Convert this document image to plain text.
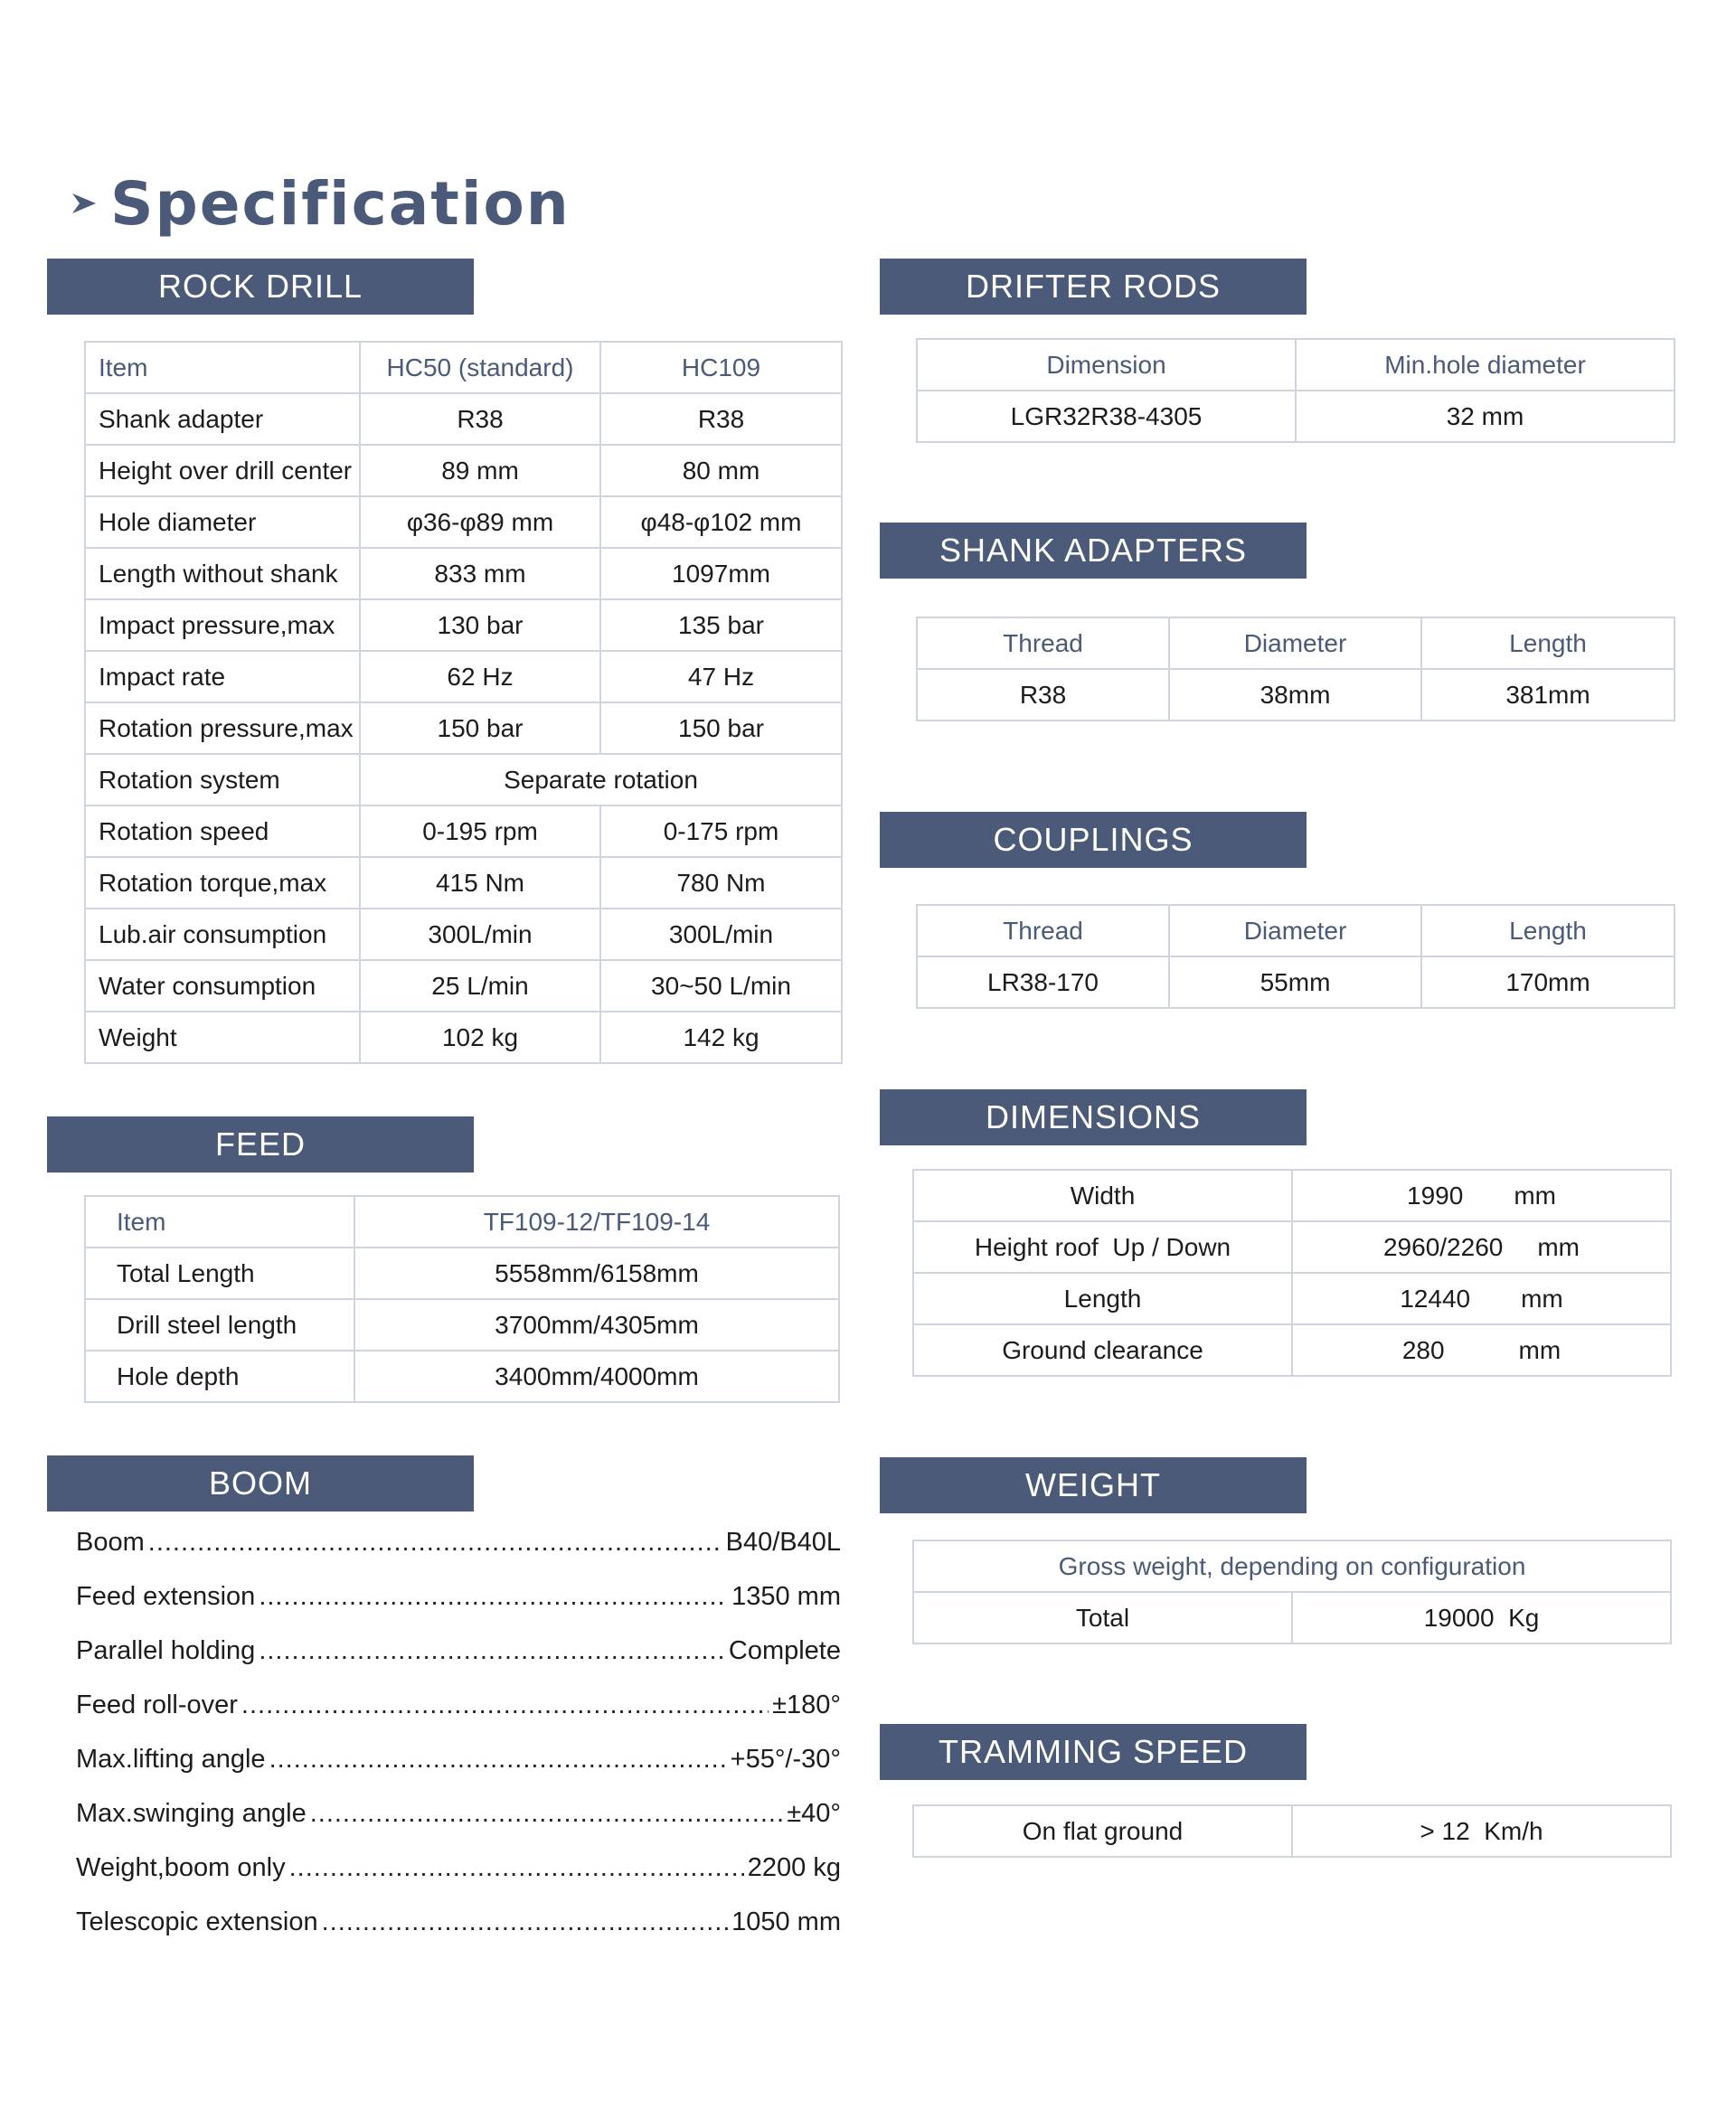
Specification
ROCK DRILL
Item	HC50 (standard)	HC109
Shank adapter	R38	R38
Height over drill center	89 mm	80 mm
Hole diameter	φ36-φ89 mm	φ48-φ102 mm
Length without shank	833 mm	1097mm
Impact pressure,max	130 bar	135 bar
Impact rate	62 Hz	47 Hz
Rotation pressure,max	150 bar	150 bar
Rotation system	Separate rotation	
Rotation speed	0-195 rpm	0-175 rpm
Rotation torque,max	415 Nm	780 Nm
Lub.air consumption	300L/min	300L/min
Water consumption	25 L/min	30~50 L/min
Weight	102 kg	142 kg
FEED
Item	TF109-12/TF109-14
Total Length	5558mm/6158mm
Drill steel length	3700mm/4305mm
Hole depth	3400mm/4000mm
BOOM
Boom .....	B40/B40L
Feed extension .....	1350 mm
Parallel holding .....	Complete
Feed roll-over .....	±180°
Max.lifting angle .....	+55°/-30°
Max.swinging angle .....	±40°
Weight,boom only .....	2200 kg
Telescopic extension .....	1050 mm
DRIFTER RODS
Dimension	Min.hole diameter
LGR32R38-4305	32 mm
SHANK ADAPTERS
Thread	Diameter	Length
R38	38mm	381mm
COUPLINGS
Thread	Diameter	Length
LR38-170	55mm	170mm
DIMENSIONS
Width	1990 mm
Height roof  Up / Down	2960/2260 mm
Length	12440 mm
Ground clearance	280 mm
WEIGHT
Gross weight, depending on configuration
Total	19000  Kg
TRAMMING SPEED
On flat ground	> 12  Km/h
